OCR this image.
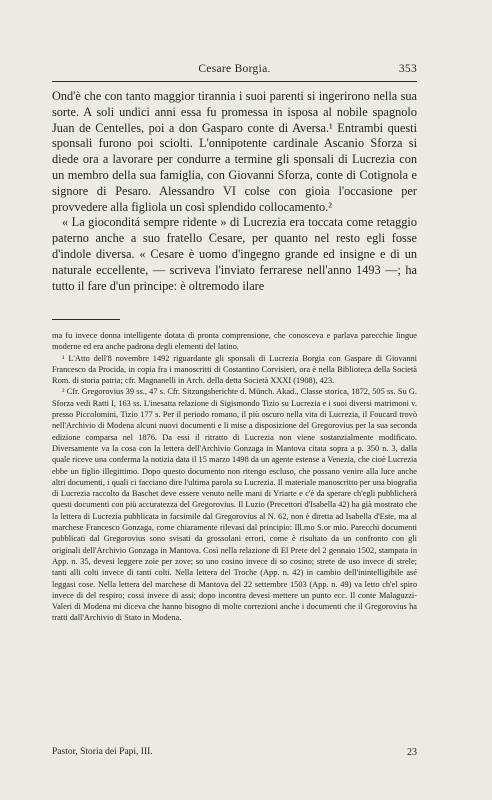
Cesare Borgia.	353

Ond'è che con tanto maggior tirannia i suoi parenti si ingerirono nella sua sorte. A soli undici anni essa fu promessa in isposa al nobile spagnolo Juan de Centelles, poi a don Gasparo conte di Aversa.¹ Entrambi questi sponsali furono poi sciolti. L'onnipotente cardinale Ascanio Sforza si diede ora a lavorare per condurre a termine gli sponsali di Lucrezia con un membro della sua famiglia, con Giovanni Sforza, conte di Cotignola e signore di Pesaro. Alessandro VI colse con gioia l'occasione per provvedere alla figliola un così splendido collocamento.²

« La gioconditá sempre ridente » di Lucrezia era toccata come retaggio paterno anche a suo fratello Cesare, per quanto nel resto egli fosse d'indole diversa. « Cesare è uomo d'ingegno grande ed insigne e di un naturale eccellente, — scriveva l'inviato ferrarese nell'anno 1493 —; ha tutto il fare d'un principe: è oltremodo ilare

ma fu invece donna intelligente dotata di pronta comprensione, che conosceva e parlava parecchie lingue moderne ed era anche padrona degli elementi del latino.

¹ L'Atto dell'8 novembre 1492 riguardante gli sponsali di Lucrezia Borgia con Gaspare di Giovanni Francesco da Procida, in copia fra i manoscritti di Costantino Corvisieri, ora è nella Biblioteca della Società Rom. di storia patria; cfr. Magnanelli in Arch. della detta Società XXXI (1908), 423.

² Cfr. Gregorovius 39 ss., 47 s. Cfr. Sitzungsberichte d. Münch. Akad., Classe storica, 1872, 505 ss. Su G. Sforza vedi Ratti I, 163 ss. L'inesatta relazione di Sigismondo Tizio su Lucrezia e i suoi diversi matrimoni v. presso Piccolomini, Tizio 177 s. Per il periodo romano, il più oscuro nella vita di Lucrezia, il Foucard trovò nell'Archivio di Modena alcuni nuovi documenti e li mise a disposizione del Gregorovius per la sua seconda edizione comparsa nel 1876. Da essi il ritratto di Lucrezia non viene sostanzialmente modificato. Diversamente va la cosa con la lettera dell'Archivio Gonzaga in Mantova citata sopra a p. 350 n. 3, dalla quale riceve una conferma la notizia data il 15 marzo 1498 da un agente estense a Venezia, che cioè Lucrezia ebbe un figlio illegittimo. Dopo questo documento non ritengo escluso, che possano venire alla luce anche altri documenti, i quali ci facciano dire l'ultima parola su Lucrezia. Il materiale manoscritto per una biografia di Lucrezia raccolto da Baschet deve essere venuto nelle mani di Yriarte e c'è da sperare ch'egli pubblicherà questi documenti con più accuratezza del Gregorovius. Il Luzio (Precettori d'Isabella 42) ha già mostrato che la lettera di Lucrezia pubblicata in facsimile dal Gregorovius al N. 62, non è diretta ad Isabella d'Este, ma al marchese Francesco Gonzaga, come chiaramente rilevasi dal principio: Ill.mo S.or mio. Parecchi documenti pubblicati dal Gregorovius sono svisati da grossolani errori, come è risultato da un confronto con gli originali dell'Archivio Gonzaga in Mantova. Così nella relazione di El Prete del 2 gennaio 1502, stampata in App. n. 35, devesi leggere zoie per zove; so uno cosino invece di so cosino; strete de uso invece di strele; tanti alli colti invece di tanti colti. Nella lettera del Troche (App. n. 42) in cambio dell'inintelligibile asé leggasi cose. Nella lettera del marchese di Mantova del 22 settembre 1503 (App. n. 49) va letto ch'el spiro invece di del respiro; cossi invece di assi; dopo incontra devesi mettere un punto ecc. Il conte Malaguzzi-Valeri di Modena mi diceva che hanno bisogno di molte correzioni anche i documenti che il Gregorovius ha tratti dall'Archivio di Stato in Modena.

Pastor, Storia dei Papi, III.	23
